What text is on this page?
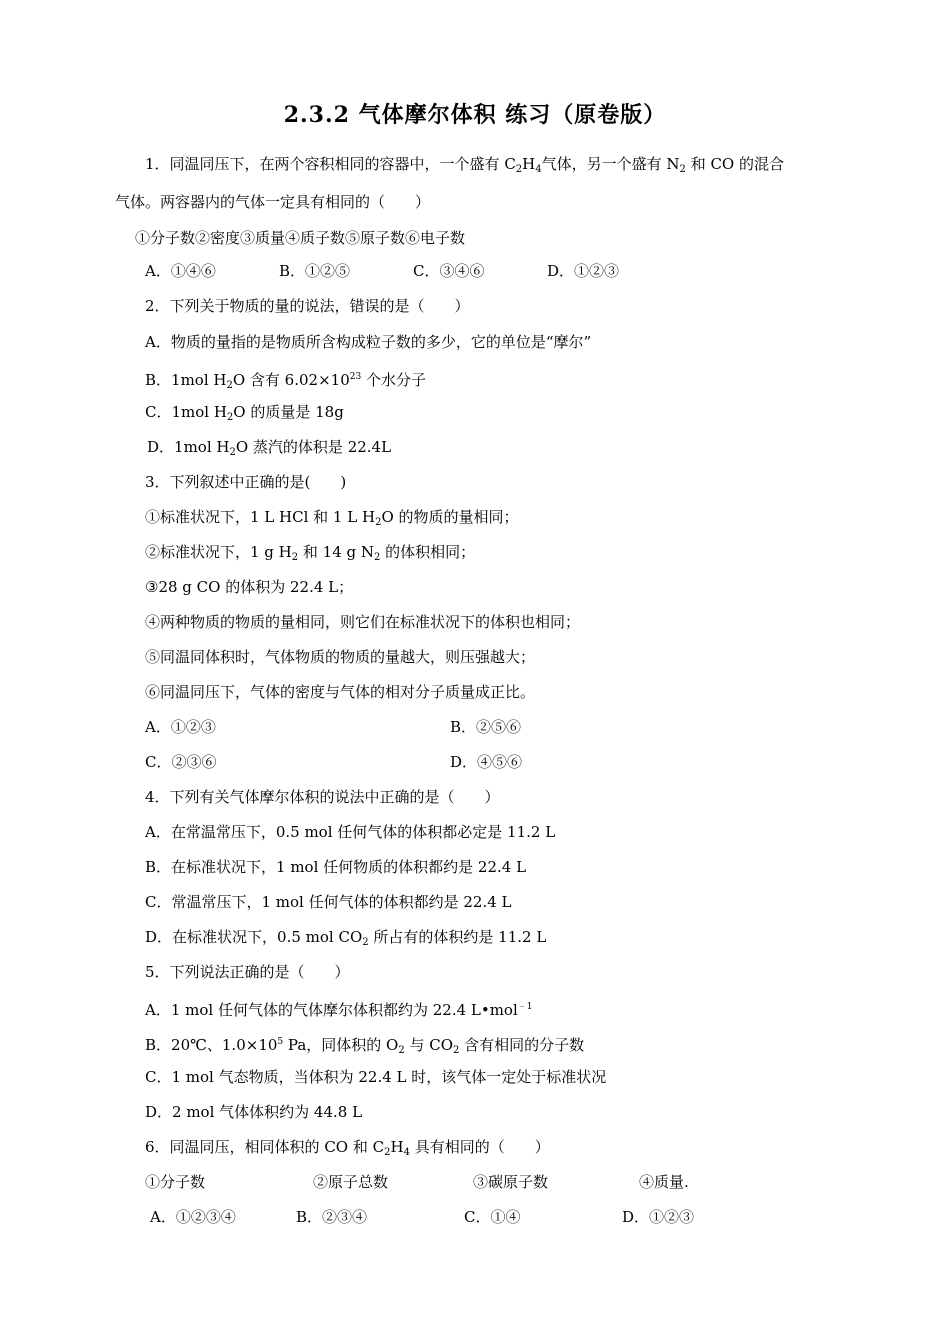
2.3.2 气体摩尔体积 练习（原卷版）
1．同温同压下，在两个容积相同的容器中，一个盛有 $C_2H_4$气体，另一个盛有 $N_2$ 和 CO 的混合
气体。两容器内的气体一定具有相同的（　　）
①分子数②密度③质量④质子数⑤原子数⑥电子数
A．①④⑥	B．①②⑤	C．③④⑥	D．①②③
2．下列关于物质的量的说法，错误的是（　　）
A．物质的量指的是物质所含构成粒子数的多少，它的单位是“摩尔”
B．1mol $H_2O$ 含有 $6.02\times 10^{23}$ 个水分子
C．1mol $H_2O$ 的质量是 18g
D．1mol $H_2O$ 蒸汽的体积是 22.4L
3．下列叙述中正确的是(　　)
①标准状况下，1 L HCl 和 1 L $H_2O$ 的物质的量相同；
②标准状况下，1 g $H_2$ 和 14 g $N_2$ 的体积相同；
③28 g CO 的体积为 22.4 L；
④两种物质的物质的量相同，则它们在标准状况下的体积也相同；
⑤同温同体积时，气体物质的物质的量越大，则压强越大；
⑥同温同压下，气体的密度与气体的相对分子质量成正比。
A．①②③	B．②⑤⑥
C．②③⑥	D．④⑤⑥
4．下列有关气体摩尔体积的说法中正确的是（　　）
A．在常温常压下，0.5 mol 任何气体的体积都必定是 11.2 L
B．在标准状况下，1 mol 任何物质的体积都约是 22.4 L
C．常温常压下，1 mol 任何气体的体积都约是 22.4 L
D．在标准状况下，0.5 mol $CO_2$ 所占有的体积约是 11.2 L
5．下列说法正确的是（　　）
A．1 mol 任何气体的气体摩尔体积都约为 22.4 L•mol$^{﹣1}$
B．20℃、$1.0\times 10^5$ Pa，同体积的 $O_2$ 与 $CO_2$ 含有相同的分子数
C．1 mol 气态物质，当体积为 22.4 L 时，该气体一定处于标准状况
D．2 mol 气体体积约为 44.8 L
6．同温同压，相同体积的 CO 和 $C_2H_4$ 具有相同的（　　）
①分子数	②原子总数	③碳原子数	④质量.
A．①②③④	B．②③④	C．①④	D．①②③
